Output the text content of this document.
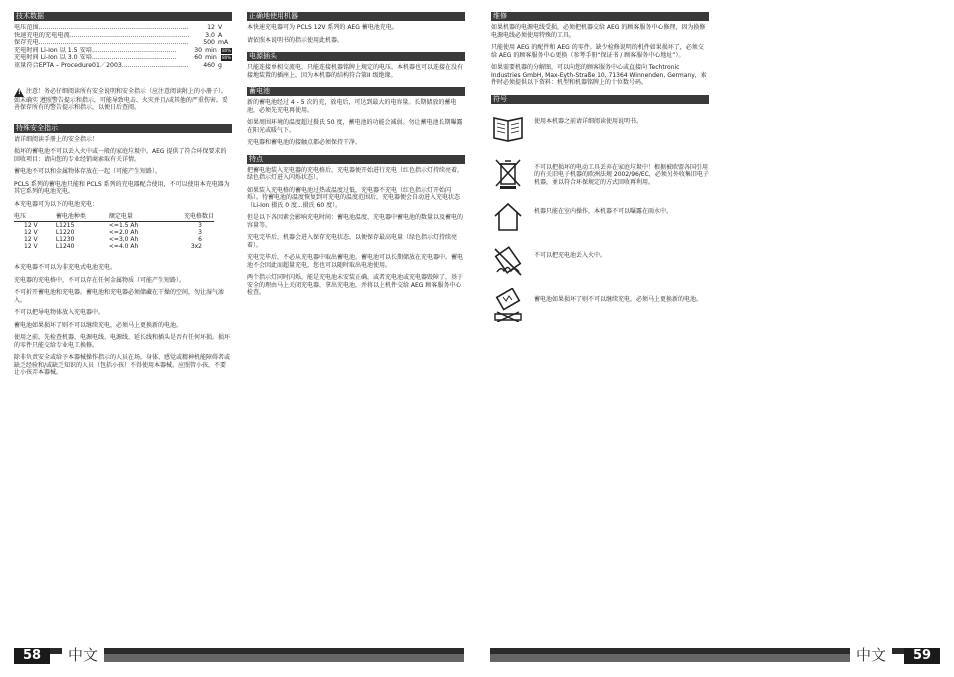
技术数据
电压范围 .....	12 V
快速充电的充电电流 .....	3.0 A
保存充电 .....	500 mA
充电时间 Li-Ion 以 1.5 安培 .....	30 min	80%
充电时间 Li-Ion 以 3.0 安培 .....	60 min	80%
重量符合EPTA – Procedure01／2003 .....	460 g

!注意！务必仔细阅读所有安全说明和安全指示（应注意阅读附上的小册子）。如未确实 遵照警告提示和指示，可能导致电击、火灾并且/或其他的严重伤害。妥善保存所有的警告提示和指示，以便日后查阅。

特殊安全指示

请详细阅读手册上的安全指示！

损坏的蓄电池不可以丢入火中或一般的家庭垃圾中。AEG 提供了符合环保要求的回收项目：请向您的专业经销商索取有关详情。

蓄电池不可以和金属物体存放在一起（可能产生短路）。

PCLS 系列的蓄电池只能和 PCLS 系列的充电器配合使用，不可以使用本充电器为其它系列的电池充电。

本充电器可为以下的电池充电：

电压	蓄电池种类	额定电量	充电格数目
12 V	L1215	<=1.5 Ah	3
12 V	L1220	<=2.0 Ah	3
12 V	L1230	<=3.0 Ah	6
12 V	L1240	<=4.0 Ah	3x2

本充电器不可以为非充电式电池充电。

充电器的充电格中，不可以存在任何金属物质（可能产生短路）。

不可折开蓄电池和充电器。蓄电池和充电器必须储藏在干燥的空间，勿让湿气渗入。

不可以把导电物体放入充电器中。

蓄电池如果损坏了则不可以继续充电，必须马上更换新的电池。

使用之前，先检查机器、电源电线、电源线、延长线和插头是否有任何坏损。损坏的零件只能交给专业电工换修。

除非负责安全或给予本器械操作指示的人员在场，身体、感觉或精神机能障碍者或缺乏经验和/或缺乏知识的人员（包括小孩）不得使用本器械。应照管小孩，不要让小孩弄本器械。

正确地使用机器

本快速充电器可为 PCLS 12V 系列的 AEG 蓄电池充电。

请依照本说明书的指示使用此机器。

电源插头

只能连接单相交流电，只能连接机器铭牌上规定的电压。本机器也可以连接在没有接地装置的插座上，因为本机器的结构符合第II 级绝缘。

蓄电池

新的蓄电池经过 4 - 5 次的充，放电后，可达到最大的电容量。长期储放的蓄电池，必须先充电再使用。

如果周围环境的温度超过摄氏 50 度，蓄电池的功能会减弱。勿让蓄电池长期曝露在阳光或暖气下。

充电器和蓄电池的接触点都必须保持干净。

特点

把蓄电池装入充电器的充电格后，充电器便开始进行充电（红色指示灯持续亮着，绿色指示灯进入闪烁状态）。

如果装入充电格的蓄电池过热或温度过低，充电器不充电（红色指示灯开始闪烁）。待蓄电池的温度恢复到可充电的温度范围后，充电器便会自动进入充电状态（Li-Ion 摄氏 0 度...摄氏 60 度）。

但是以下各因素会影响充电时间：蓄电池温度、充电器中蓄电池的数量以及蓄电的容量等。

充电完毕后，机器会进入保存充电状态，以便保存最高电量（绿色指示灯持续亮着）。

充电完毕后，不必从充电器中取出蓄电池，蓄电池可以长期储放在充电器中。蓄电池不会因此而超量充电，您也可以随时取出电池使用。

两个指示灯同时闪烁，能是充电池未安装正确，或者充电池或充电器毁障了，基于安全的理由马上关闭充电器，拿出充电池，并将以上机件交给 AEG 顾客服务中心检查。

维修

如果机器的电源电线受损，必须把机器交给 AEG 的顾客服务中心修理，因为换修电源电线必须使用特殊的工具。

只能使用 AEG 的配件和 AEG 的零件。缺少检修说明的机件如果损坏了，必须交给 AEG 的顾客服务中心更换（参考手册“保证书 / 顾客服务中心地址”）。

如果需要机器的分解图，可以向您的顾客服务中心或直接向 Techtronic Industries GmbH, Max-Eyth-Straße 10, 71364 Winnenden, Germany，索件时必须提供以下资料：机型和机器铭牌上的十位数号码。

符号

使用本机器之前请详细阅读使用说明书。

不可以把损坏的电动工具丢弃在家庭垃圾中！根据被欧盟各国引用的有关旧电子机器的欧洲法规 2002/96/EC，必须另外收集旧电子机器，並以符合环保规定的方式回收再利用。

机器只能在室内操作，本机器不可以曝露在雨水中。

不可以把充电池丢入火中。

蓄电池如果损坏了则不可以继续充电，必须马上更换新的电池。

58	中文	59
中文
